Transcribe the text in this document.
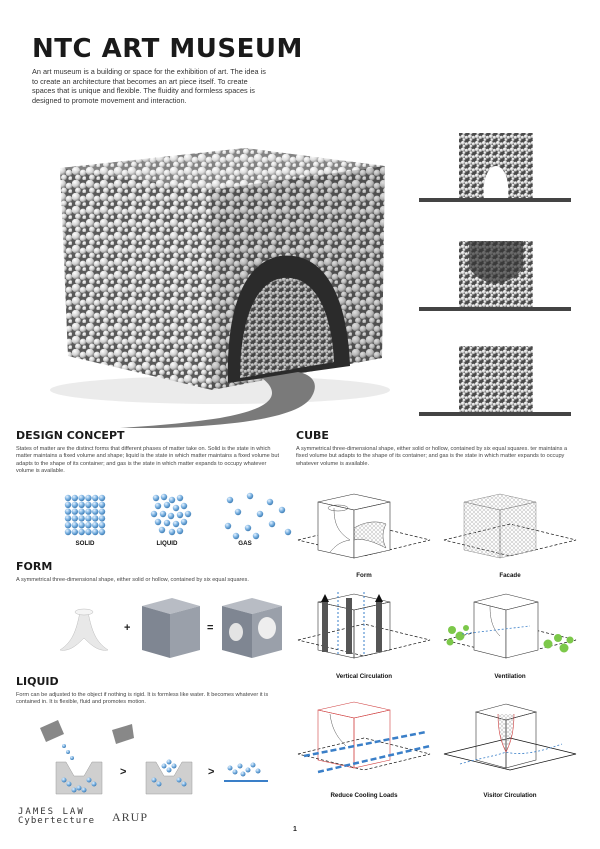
NTC ART MUSEUM
An art museum is a building or space for the exhibition of art. The idea is to create an architecture that becomes an art piece itself. To create spaces that is unique and flexible. The fluidity and formless spaces is designed to promote movement and interaction.
DESIGN CONCEPT
States of matter are the distinct forms that different phases of matter take on. Solid is the state in which matter maintains a fixed volume and shape; liquid is the state in which matter maintains a fixed volume but adapts to the shape of its container; and gas is the state in which matter expands to occupy whatever volume is available.
SOLID	LIQUID	GAS
FORM
A symmetrical three-dimensional shape, either solid or hollow, contained by six equal squares.
+	=
LIQUID
Form can be adjusted to the object if nothing is rigid. It is formless like water. It becomes whatever it is contained in. It is flexible, fluid and promotes motion.
>	>
CUBE
A symmetrical three-dimensional shape, either solid or hollow, contained by six equal squares. ter maintains a fixed volume but adapts to the shape of its container; and gas is the state in which matter expands to occupy whatever volume is available.
Form	Facade
Vertical Circulation	Ventilation
Reduce Cooling Loads	Visitor Circulation
JAMES LAW
Cybertecture ARUP
1
